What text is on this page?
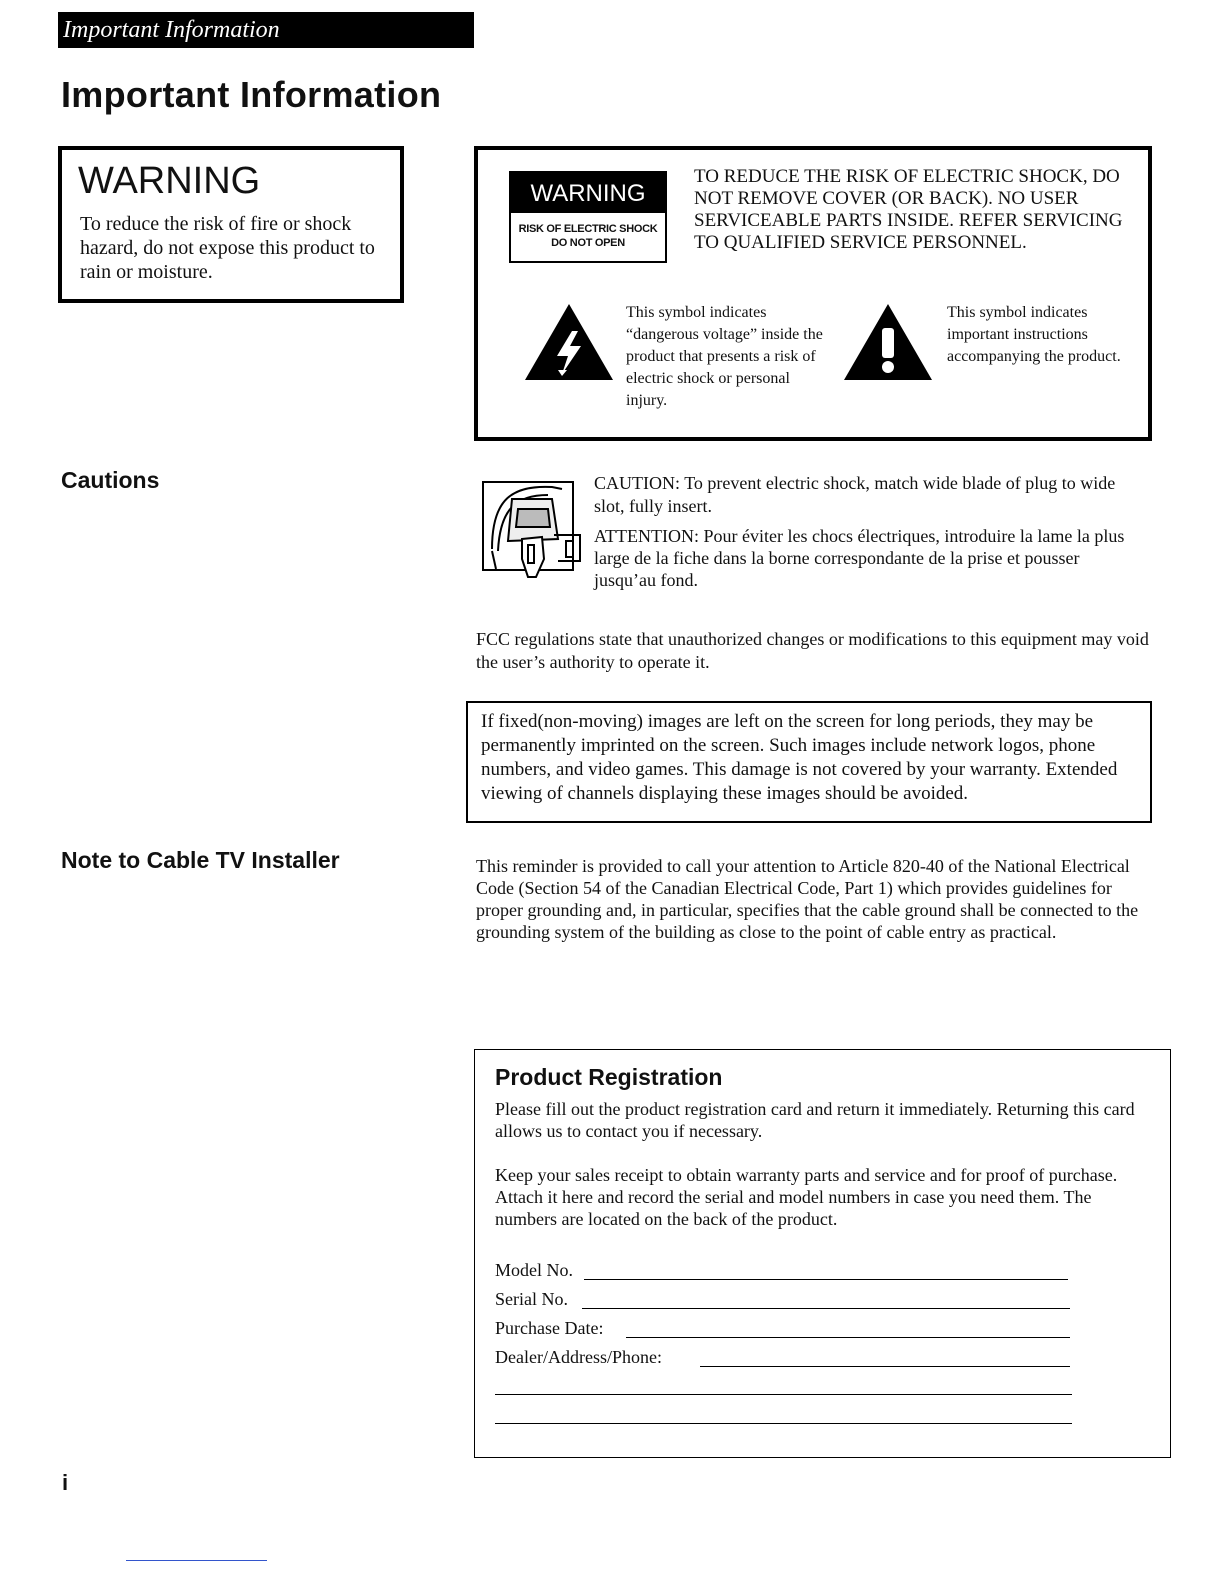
Important Information
Important Information
WARNING
To reduce the risk of fire or shock hazard, do not expose this product to rain or moisture.
WARNING
RISK OF ELECTRIC SHOCK
DO NOT OPEN
TO REDUCE THE RISK OF ELECTRIC SHOCK, DO NOT REMOVE COVER (OR BACK). NO USER SERVICEABLE PARTS INSIDE. REFER SERVICING TO QUALIFIED SERVICE PERSONNEL.
This symbol indicates “dangerous voltage” inside the product that presents a risk of electric shock or personal injury.
This symbol indicates important instructions accompanying the product.
Cautions	CAUTION: To prevent electric shock, match wide blade of plug to wide slot, fully insert.
ATTENTION: Pour éviter les chocs électriques, introduire la lame la plus large de la fiche dans la borne correspondante de la prise et pousser jusqu’au fond.
FCC regulations state that unauthorized changes or modifications to this equipment may void the user’s authority to operate it.
If fixed(non-moving) images are left on the screen for long periods, they may be permanently imprinted on the screen. Such images include network logos, phone numbers, and video games. This damage is not covered by your warranty. Extended viewing of channels displaying these images should be avoided.
Note to Cable TV Installer	This reminder is provided to call your attention to Article 820-40 of the National Electrical Code (Section 54 of the Canadian Electrical Code, Part 1) which provides guidelines for proper grounding and, in particular, specifies that the cable ground shall be connected to the grounding system of the building as close to the point of cable entry as practical.
Product Registration
Please fill out the product registration card and return it immediately. Returning this card allows us to contact you if necessary.
Keep your sales receipt to obtain warranty parts and service and for proof of purchase. Attach it here and record the serial and model numbers in case you need them. The numbers are located on the back of the product.
Model No.
Serial No.
Purchase Date:
Dealer/Address/Phone:
i
